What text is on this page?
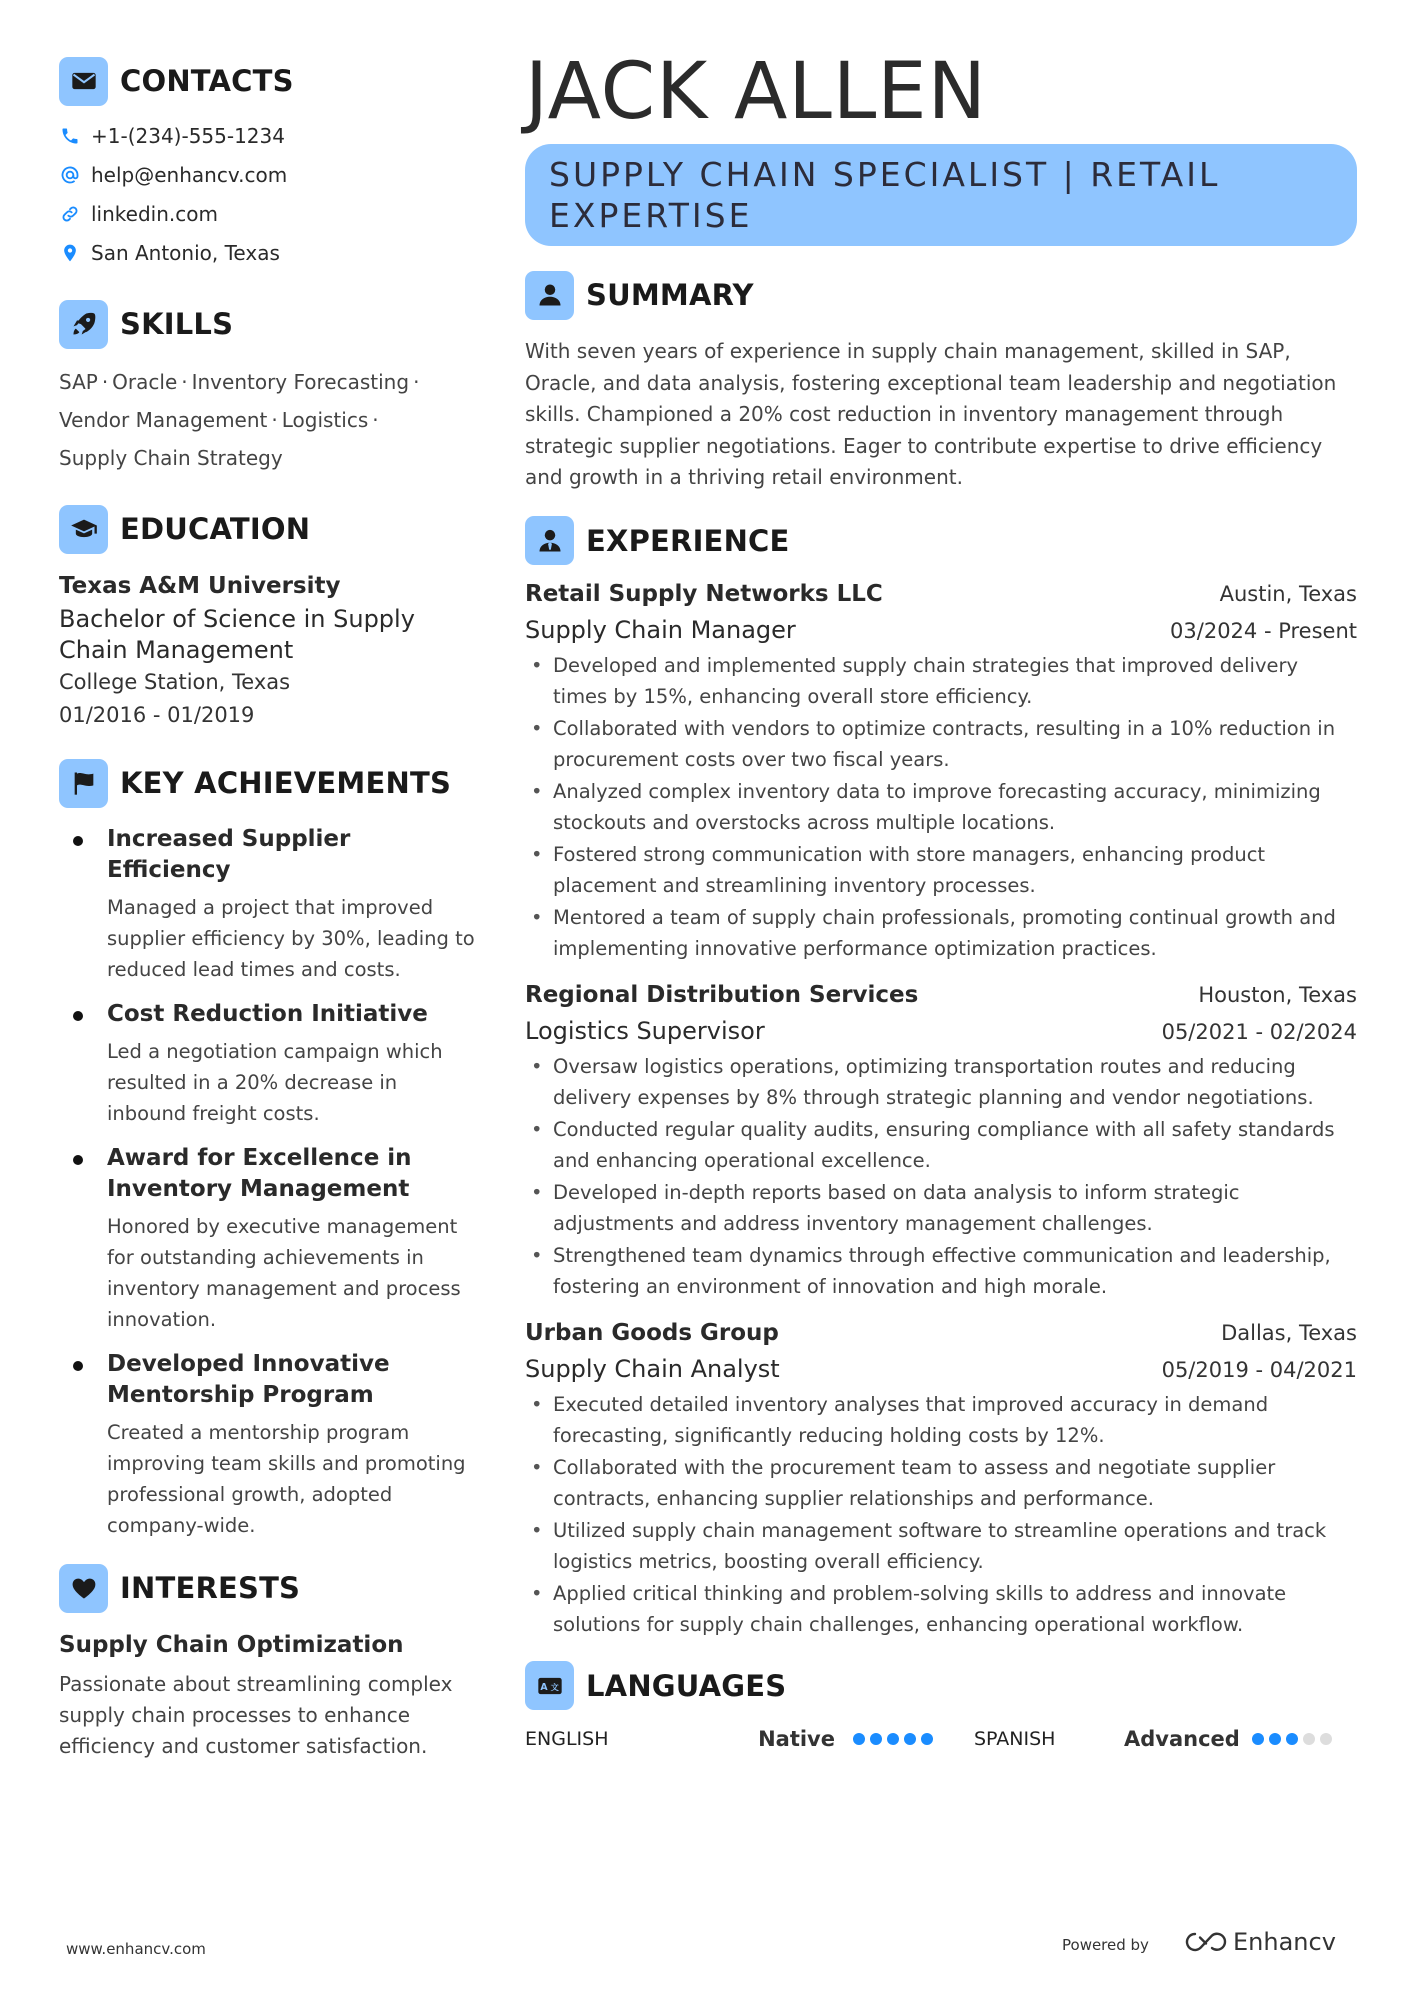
CONTACTS
+1-(234)-555-1234
help@enhancv.com
linkedin.com
San Antonio, Texas
SKILLS
SAP · Oracle · Inventory Forecasting ·
Vendor Management · Logistics ·
Supply Chain Strategy
EDUCATION
Texas A&M University
Bachelor of Science in Supply Chain Management
College Station, Texas
01/2016 - 01/2019
KEY ACHIEVEMENTS
Increased Supplier Efficiency
Managed a project that improved supplier efficiency by 30%, leading to reduced lead times and costs.
Cost Reduction Initiative
Led a negotiation campaign which resulted in a 20% decrease in inbound freight costs.
Award for Excellence in Inventory Management
Honored by executive management for outstanding achievements in inventory management and process innovation.
Developed Innovative Mentorship Program
Created a mentorship program improving team skills and promoting professional growth, adopted company-wide.
INTERESTS
Supply Chain Optimization
Passionate about streamlining complex supply chain processes to enhance efficiency and customer satisfaction.
JACK ALLEN
SUPPLY CHAIN SPECIALIST | RETAIL EXPERTISE
SUMMARY
With seven years of experience in supply chain management, skilled in SAP, Oracle, and data analysis, fostering exceptional team leadership and negotiation skills. Championed a 20% cost reduction in inventory management through strategic supplier negotiations. Eager to contribute expertise to drive efficiency and growth in a thriving retail environment.
EXPERIENCE
Retail Supply Networks LLC	Austin, Texas
Supply Chain Manager	03/2024 - Present
• Developed and implemented supply chain strategies that improved delivery times by 15%, enhancing overall store efficiency.
• Collaborated with vendors to optimize contracts, resulting in a 10% reduction in procurement costs over two fiscal years.
• Analyzed complex inventory data to improve forecasting accuracy, minimizing stockouts and overstocks across multiple locations.
• Fostered strong communication with store managers, enhancing product placement and streamlining inventory processes.
• Mentored a team of supply chain professionals, promoting continual growth and implementing innovative performance optimization practices.
Regional Distribution Services	Houston, Texas
Logistics Supervisor	05/2021 - 02/2024
• Oversaw logistics operations, optimizing transportation routes and reducing delivery expenses by 8% through strategic planning and vendor negotiations.
• Conducted regular quality audits, ensuring compliance with all safety standards and enhancing operational excellence.
• Developed in-depth reports based on data analysis to inform strategic adjustments and address inventory management challenges.
• Strengthened team dynamics through effective communication and leadership, fostering an environment of innovation and high morale.
Urban Goods Group	Dallas, Texas
Supply Chain Analyst	05/2019 - 04/2021
• Executed detailed inventory analyses that improved accuracy in demand forecasting, significantly reducing holding costs by 12%.
• Collaborated with the procurement team to assess and negotiate supplier contracts, enhancing supplier relationships and performance.
• Utilized supply chain management software to streamline operations and track logistics metrics, boosting overall efficiency.
• Applied critical thinking and problem-solving skills to address and innovate solutions for supply chain challenges, enhancing operational workflow.
A 文 LANGUAGES
ENGLISH	Native	SPANISH	Advanced
www.enhancv.com	Powered by	Enhancv
